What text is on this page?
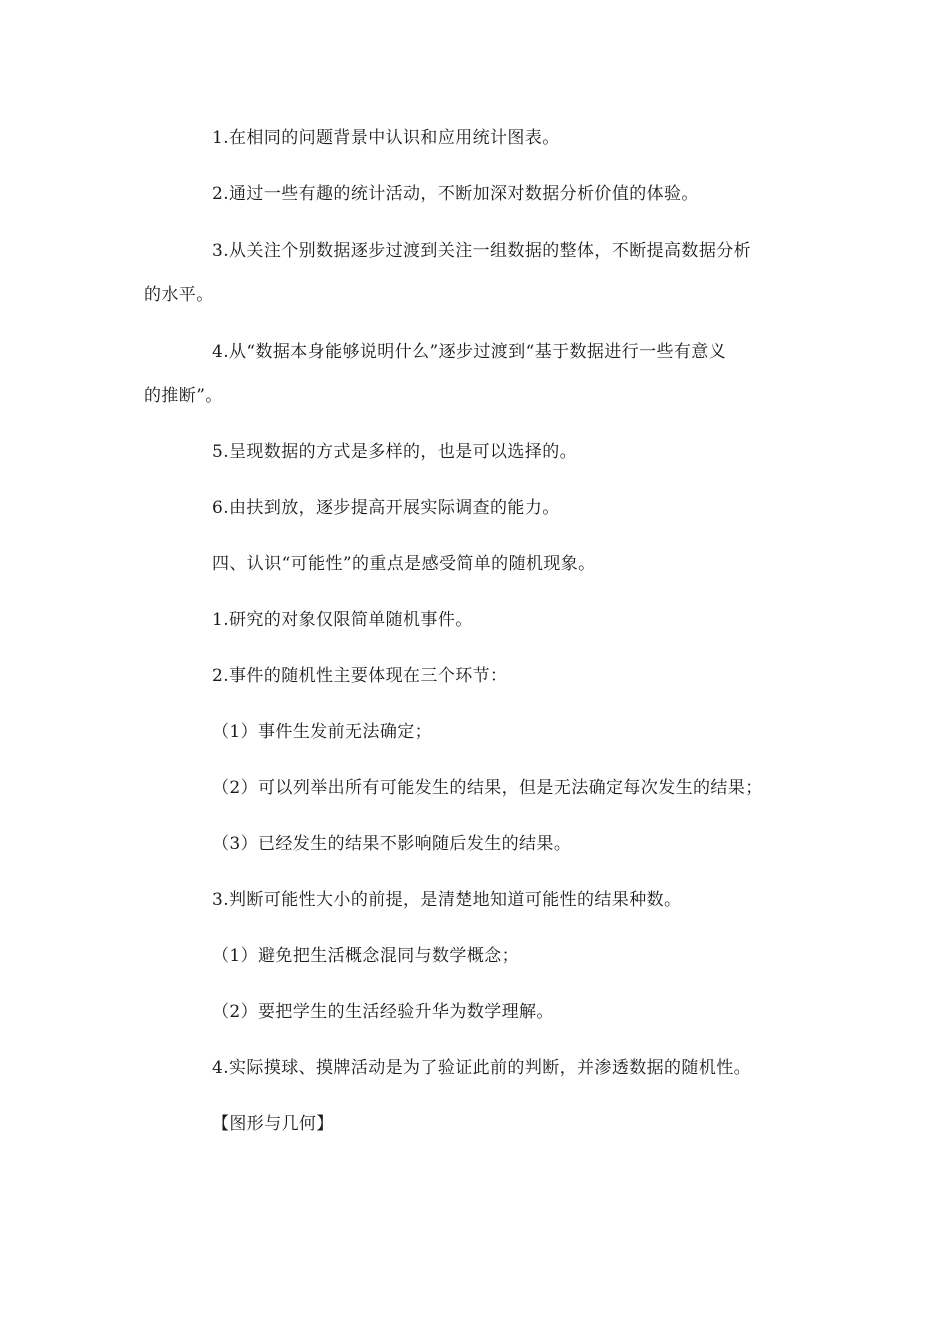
1.在相同的问题背景中认识和应用统计图表。
2.通过一些有趣的统计活动，不断加深对数据分析价值的体验。
3.从关注个别数据逐步过渡到关注一组数据的整体，不断提高数据分析
的水平。
4.从“数据本身能够说明什么”逐步过渡到“基于数据进行一些有意义
的推断”。
5.呈现数据的方式是多样的，也是可以选择的。
6.由扶到放，逐步提高开展实际调查的能力。
四、认识“可能性”的重点是感受简单的随机现象。
1.研究的对象仅限简单随机事件。
2.事件的随机性主要体现在三个环节：
（1）事件生发前无法确定；
（2）可以列举出所有可能发生的结果，但是无法确定每次发生的结果；
（3）已经发生的结果不影响随后发生的结果。
3.判断可能性大小的前提，是清楚地知道可能性的结果种数。
（1）避免把生活概念混同与数学概念；
（2）要把学生的生活经验升华为数学理解。
4.实际摸球、摸牌活动是为了验证此前的判断，并渗透数据的随机性。
【图形与几何】
